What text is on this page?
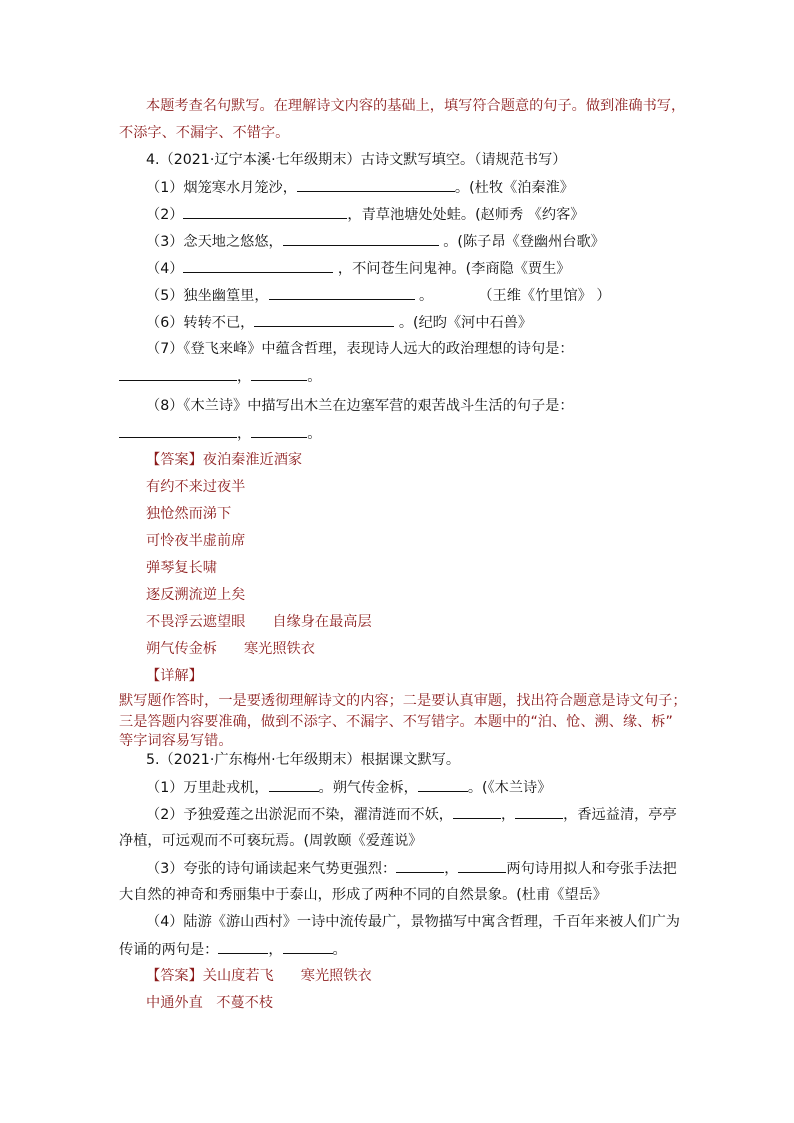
本题考查名句默写。在理解诗文内容的基础上，填写符合题意的句子。做到准确书写，
不添字、不漏字、不错字。
4.（2021·辽宁本溪·七年级期末）古诗文默写填空。（请规范书写）
（1）烟笼寒水月笼沙，	。(杜牧《泊秦淮》
（2）	，青草池塘处处蛙。(赵师秀 《约客》
（3）念天地之悠悠，	。(陈子昂《登幽州台歌》
（4）	，不问苍生问鬼神。(李商隐《贾生》
（5）独坐幽篁里，	。          （王维《竹里馆》 ）
（6）转转不已，	。(纪昀《河中石兽》
（7）《登飞来峰》中蕴含哲理，表现诗人远大的政治理想的诗句是：
，	。
（8）《木兰诗》中描写出木兰在边塞军营的艰苦战斗生活的句子是：
，	。
【答案】夜泊秦淮近酒家
有约不来过夜半
独怆然而涕下
可怜夜半虚前席
弹琴复长啸
逐反溯流逆上矣
不畏浮云遮望眼      自缘身在最高层
朔气传金柝      寒光照铁衣
【详解】
默写题作答时，一是要透彻理解诗文的内容；二是要认真审题，找出符合题意是诗文句子；
三是答题内容要准确，做到不添字、不漏字、不写错字。本题中的“泊、怆、溯、缘、柝”
等字词容易写错。
5.（2021·广东梅州·七年级期末）根据课文默写。
（1）万里赴戎机，	。朔气传金柝，	。(《木兰诗》
（2）予独爱莲之出淤泥而不染，濯清涟而不妖，	，	，香远益清，亭亭
净植，可远观而不可亵玩焉。(周敦颐《爱莲说》
（3）夸张的诗句诵读起来气势更强烈：	，	两句诗用拟人和夸张手法把
大自然的神奇和秀丽集中于泰山，形成了两种不同的自然景象。(杜甫《望岳》
（4）陆游《游山西村》一诗中流传最广，景物描写中寓含哲理，千百年来被人们广为
传诵的两句是：	，	。
【答案】关山度若飞      寒光照铁衣
中通外直   不蔓不枝
